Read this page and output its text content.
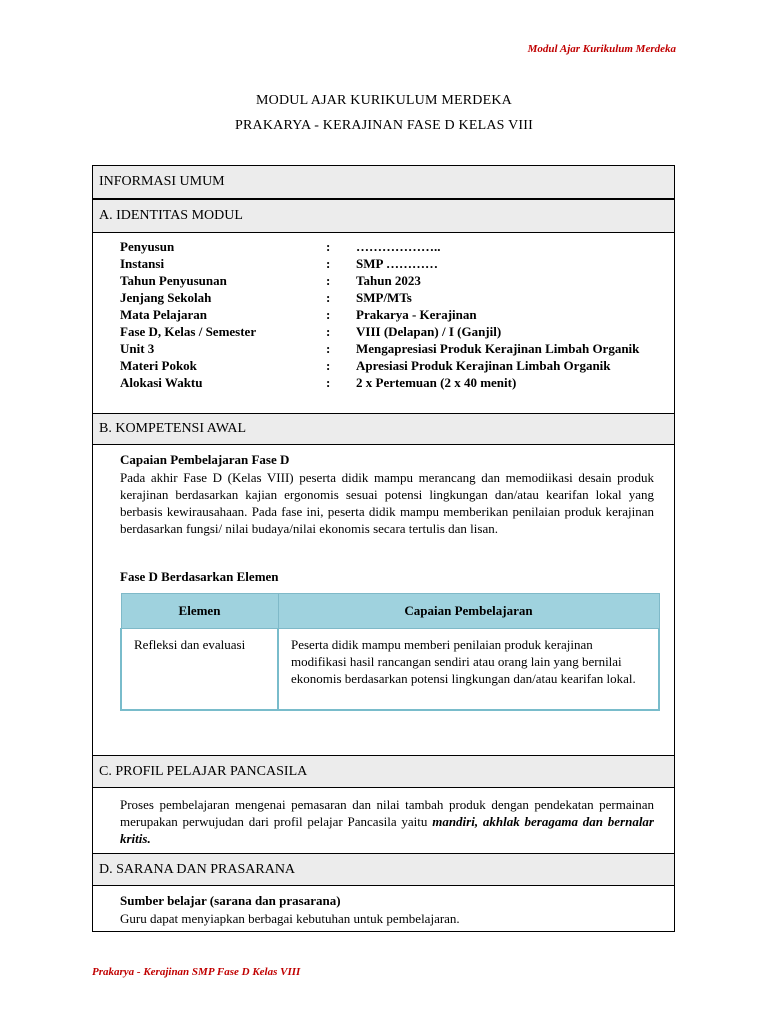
Modul Ajar Kurikulum Merdeka
MODUL AJAR KURIKULUM MERDEKA
PRAKARYA - KERAJINAN FASE D KELAS VIII
INFORMASI UMUM
A. IDENTITAS MODUL
Penyusun	:	………………..
Instansi	:	SMP …………
Tahun Penyusunan	:	Tahun 2023
Jenjang Sekolah	:	SMP/MTs
Mata Pelajaran	:	Prakarya - Kerajinan
Fase D, Kelas / Semester	:	VIII (Delapan) / I (Ganjil)
Unit 3	:	Mengapresiasi Produk Kerajinan Limbah Organik
Materi Pokok	:	Apresiasi Produk Kerajinan Limbah Organik
Alokasi Waktu	:	2 x Pertemuan (2 x 40 menit)
B. KOMPETENSI AWAL
Capaian Pembelajaran Fase D
Pada akhir Fase D (Kelas VIII) peserta didik mampu merancang dan memodiikasi desain produk kerajinan berdasarkan kajian ergonomis sesuai potensi lingkungan dan/atau kearifan lokal yang berbasis kewirausahaan. Pada fase ini, peserta didik mampu memberikan penilaian produk kerajinan berdasarkan fungsi/ nilai budaya/nilai ekonomis secara tertulis dan lisan.
Fase D Berdasarkan Elemen
Elemen	Capaian Pembelajaran
Refleksi dan evaluasi	Peserta didik mampu memberi penilaian produk kerajinan modifikasi hasil rancangan sendiri atau orang lain yang bernilai ekonomis berdasarkan potensi lingkungan dan/atau kearifan lokal.
C. PROFIL PELAJAR PANCASILA
Proses pembelajaran mengenai pemasaran dan nilai tambah produk dengan pendekatan permainan merupakan perwujudan dari profil pelajar Pancasila yaitu mandiri, akhlak beragama dan bernalar kritis.
D. SARANA DAN PRASARANA
Sumber belajar (sarana dan prasarana)
Guru dapat menyiapkan berbagai kebutuhan untuk pembelajaran.
Prakarya - Kerajinan SMP Fase D Kelas VIII
